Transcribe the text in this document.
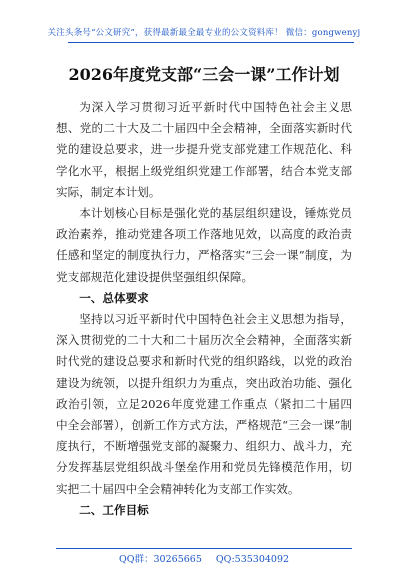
关注头条号“公文研究”，获得最新最全最专业的公文资料库！ 微信：gongwenyj
2026年度党支部“三会一课”工作计划

为深入学习贯彻习近平新时代中国特色社会主义思想、党的二十大及二十届四中全会精神，全面落实新时代党的建设总要求，进一步提升党支部党建工作规范化、科学化水平，根据上级党组织党建工作部署，结合本党支部实际，制定本计划。

本计划核心目标是强化党的基层组织建设，锤炼党员政治素养，推动党建各项工作落地见效，以高度的政治责任感和坚定的制度执行力，严格落实“三会一课”制度，为党支部规范化建设提供坚强组织保障。

一、总体要求

坚持以习近平新时代中国特色社会主义思想为指导，深入贯彻党的二十大和二十届历次全会精神，全面落实新时代党的建设总要求和新时代党的组织路线，以党的政治建设为统领，以提升组织力为重点，突出政治功能、强化政治引领，立足2026年度党建工作重点（紧扣二十届四中全会部署），创新工作方式方法，严格规范“三会一课”制度执行，不断增强党支部的凝聚力、组织力、战斗力，充分发挥基层党组织战斗堡垒作用和党员先锋模范作用，切实把二十届四中全会精神转化为支部工作实效。

二、工作目标

QQ群：30265665 QQ:535304092
